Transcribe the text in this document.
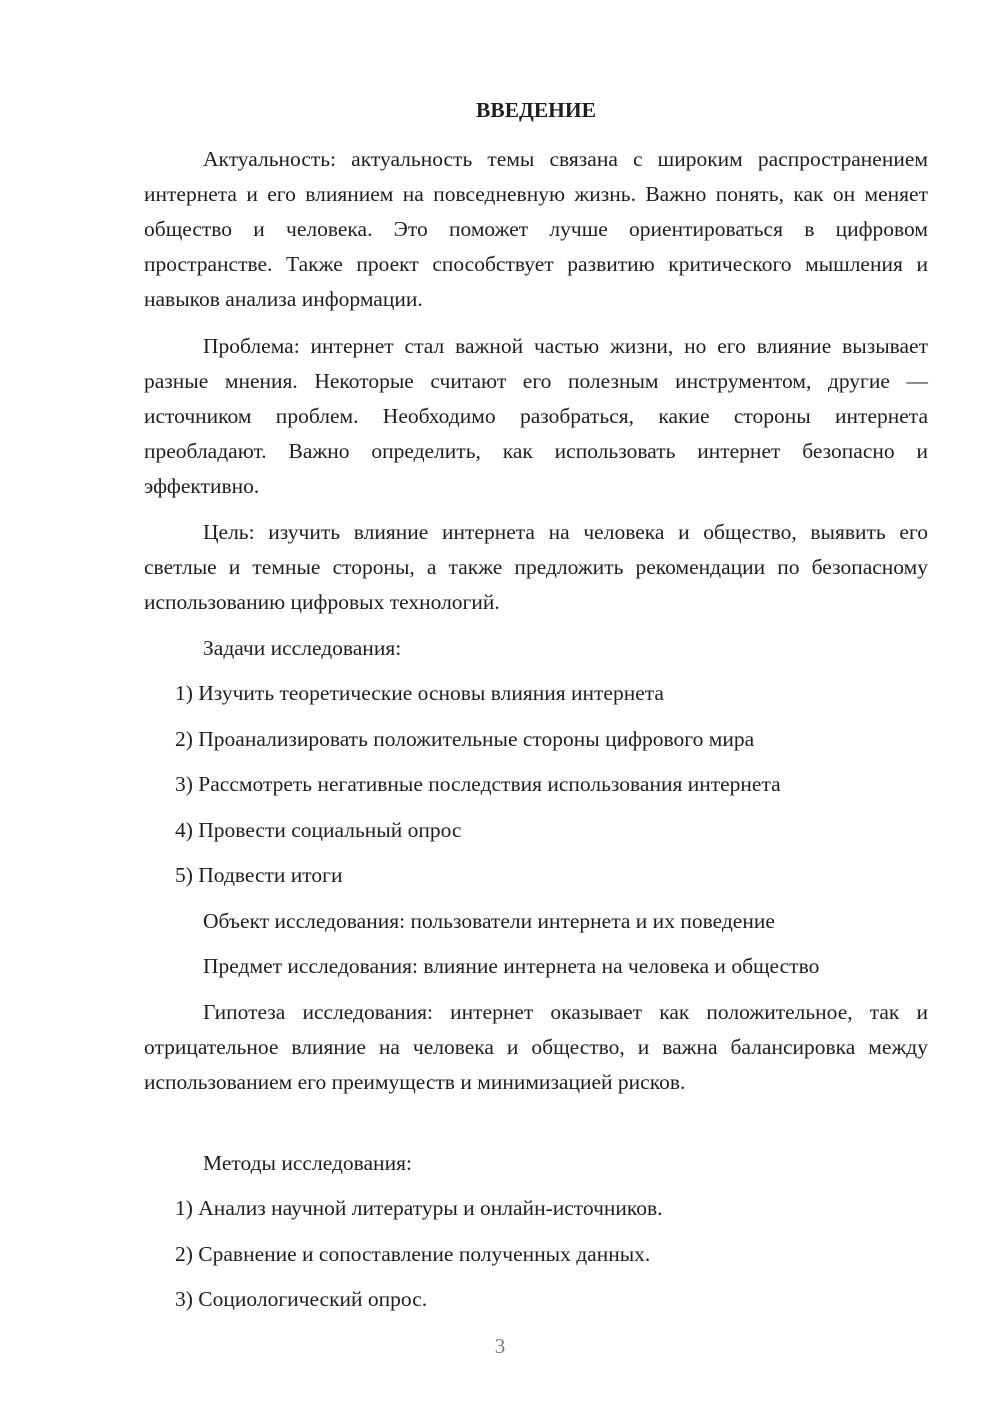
ВВЕДЕНИЕ

Актуальность: актуальность темы связана с широким распространением интернета и его влиянием на повседневную жизнь. Важно понять, как он меняет общество и человека. Это поможет лучше ориентироваться в цифровом пространстве. Также проект способствует развитию критического мышления и навыков анализа информации.

Проблема: интернет стал важной частью жизни, но его влияние вызывает разные мнения. Некоторые считают его полезным инструментом, другие — источником проблем. Необходимо разобраться, какие стороны интернета преобладают. Важно определить, как использовать интернет безопасно и эффективно.

Цель: изучить влияние интернета на человека и общество, выявить его светлые и темные стороны, а также предложить рекомендации по безопасному использованию цифровых технологий.

Задачи исследования:

1) Изучить теоретические основы влияния интернета

2) Проанализировать положительные стороны цифрового мира

3) Рассмотреть негативные последствия использования интернета

4) Провести социальный опрос

5) Подвести итоги

Объект исследования: пользователи интернета и их поведение

Предмет исследования: влияние интернета на человека и общество

Гипотеза исследования: интернет оказывает как положительное, так и отрицательное влияние на человека и общество, и важна балансировка между использованием его преимуществ и минимизацией рисков.

Методы исследования:

1) Анализ научной литературы и онлайн-источников.

2) Сравнение и сопоставление полученных данных.

3) Социологический опрос.

3
